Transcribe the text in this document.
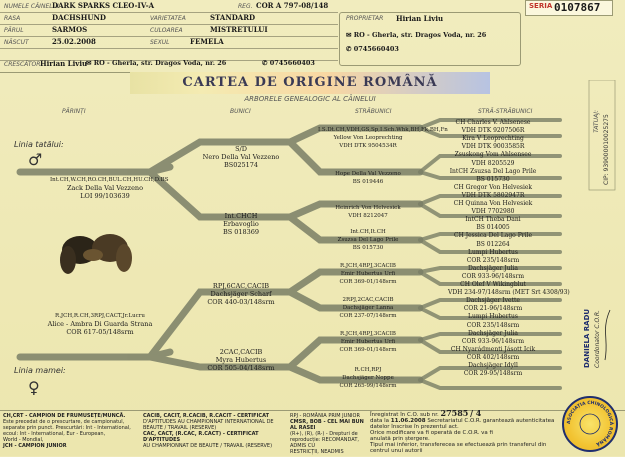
NUMELE CÂINELUI
DARK SPARKS CLEO-IV-A	REG. COR A 797-08/148
RASA	DACHSHUND	VARIETATEA	STANDARD
PĂRUL	SARMOS	CULOAREA	MISTRETULUI
NĂSCUT	25.02.2008	SEXUL	FEMELA
CRESCĂTOR Hirian Liviu
✉ RO - Gherla, str. Dragos Voda, nr. 26	✆ 0745660403
PROPRIETAR Hirian Liviu
✉ RO - Gherla, str. Dragos Voda, nr. 26
✆ 0745660403
SERIA 0107867
TATUAJ: CIP: 939000010025275
DANIELA RADU Coordonator C.O.R.
CARTEA DE ORIGINE ROMÂNĂ
ARBORELE GENEALOGIC AL CÂINELUI
PĂRINȚI	BUNICI	STRĂBUNICI	STRĂ-STRĂBUNICI
Linia tatălui:
♂
Linia mamei:
♀
Int.CH,W.CH,RO.CH,BUL.CH,HU.CH,D.BS
Zack Della Val Vezzeno
LOI 99/103639
R.JCH,R.CH,3RPJ,CACT,Jr.Lucru
Alice - Ambra Di Guarda Strana
COR 617-05/148srm
S/D
Nero Della Val Vezzeno
BS025174
Int.CHCH
Erbavoglio
BS 018369
RPJ,6CAC,CACIB
Dachsjäger Scharf
COR 440-03/148srm
2CAC,CACIB
Myra Hubertus
COR 505-04/148srm
I.S.Dt.CH,VDH,GS,Sp,I.Sch.Whk,BH,Fk,BH,Fn
Yellow Von Leoprechting
VDH DTK 9504534R
Hope Della Val Vezzeno
BS 019446
Heinrich Von Helvesiek
VDH 8212047
Int.CH,It.CH
Zsuzsa Del Lago Prile
BS 015730
R.JCH,4RPJ,3CACIB
Emir Hubertus Urfi
COR 369-01/148srm
2RPJ,2CAC,CACIB
Dachsjäger Lanna
COR 237-07/148srm
R.JCH,4RPJ,3CACIB
Emir Hubertus Urfi
COR 369-01/148srm
R.CH,RPJ
Dachsjäger Noppe
COR 265-99/148srm
CH Charles V. Ahlsenese
VDH DTK 9207506R
Kira V Leoprechting
VDH DTK 9003585R
Zsuskong Vom Ahlsensee
VDH 8205529
IntCH Zsuzsa Del Lago Prile
BS 015730
CH Gregor Von Helvesiek
VDH DTK 5802947R
CH Quinna Von Helvesiek
VDH 7702980
IntCH Theba Dani
BS 014005
CH Jessica Del Lago Prile
BS 012264
Lumpi Hubertus
COR 235/148srm
Dachsjäger Julia
COR 933-96/148srm
CH Olef V Wikingblut
VDH 234-97/148srm (MET Srt 4308/93)
Dachsjäger Ivette
COR 21-96/148srm
Lumpi Hubertus
COR 235/148srm
Dachsjäger Julia
COR 933-96/148srm
CH Nyarádmenti Jásott Icik
COR 402/148srm
Dachsjäger Idyll
COR 29-95/148srm
CH,CRT - CAMPION DE FRUMUSEȚE/MUNCĂ.
Este precedat de o prescurtare, de campionatul,
separate prin punct. Prescurtări: Int - International,
ecoul: Int - International, Eur - European,
World - Mondial,
JCH - CAMPION JUNIOR
CACIB, CACIT, R.CACIB, R.CACIT - CERTIFICAT
D'APTITUDES AU CHAMPIONNAT INTERNATIONAL DE
BEAUTE / TRAVAIL (RESERVE)
CAC, CACT, (R.CAC, R.CACT) - CERTIFICAT D'APTITUDES
AU CHAMPIONNAT DE BEAUTE / TRAVAIL (RESERVE)
RPJ - ROMÂNIA PRIM JUNIOR
CMSR, BOB - CEL MAI BUN AL RASEI
(R+), (R), (R-) - Drepturi de
reproducție: RECOMANDAT, ADMIS CU
RESTRICȚII, NEADMIS
Înregistrat în C.O. sub nr. 27585 / 4
data la 11.06.2008 Secretariatul C.O.R. garantează autenticitatea
datelor înscrise în prezentul act.
Orice modificare va fi operată de C.O.R. va fi
anulată prin ștergere.
Tipul mai inferior, transferecea se efectuează prin transferul din centrul unui autorii
ASOCIAȚIA CHINOLOGICĂ ROMÂNĂ
